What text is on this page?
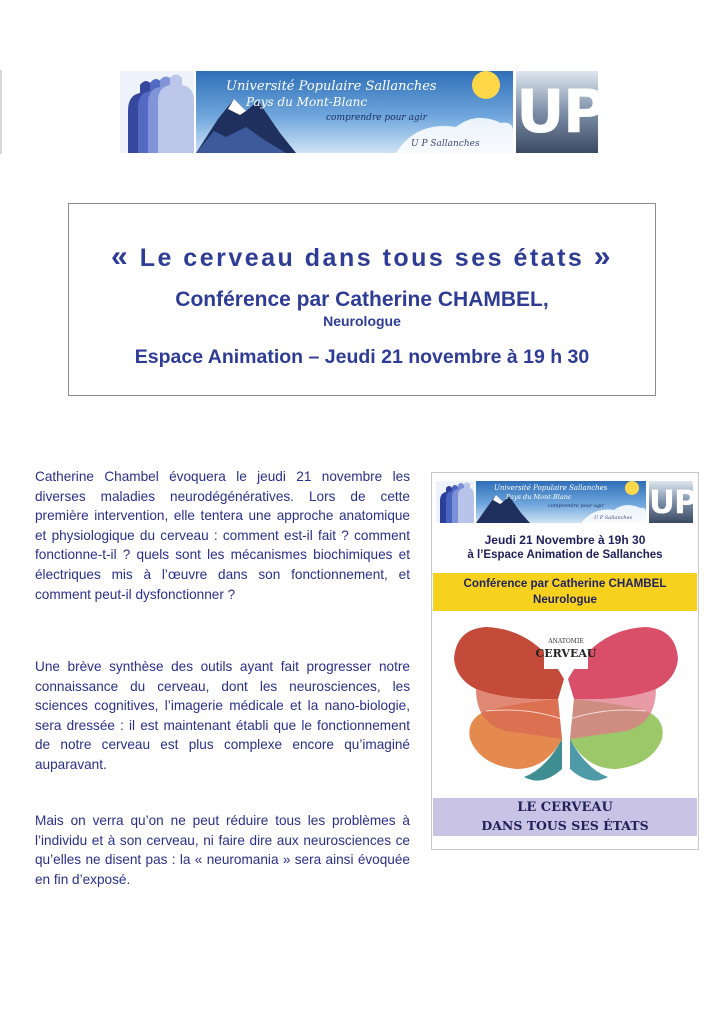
Université Populaire Sallanches
Pays du Mont-Blanc
comprendre pour agir
U P Sallanches UP
« Le cerveau dans tous ses états »
Conférence par Catherine CHAMBEL,
Neurologue
Espace Animation – Jeudi 21 novembre à 19 h 30

Catherine Chambel évoquera le jeudi 21 novembre les diverses maladies neurodégénératives. Lors de cette première intervention, elle tentera une approche anatomique et physiologique du cerveau : comment est-il fait ? comment fonctionne-t-il ? quels sont les mécanismes biochimiques et électriques mis à l’œuvre dans son fonctionnement, et comment peut-il dysfonctionner ?

Une brève synthèse des outils ayant fait progresser notre connaissance du cerveau, dont les neurosciences, les sciences cognitives, l’imagerie médicale et la nano-biologie, sera dressée : il est maintenant établi que le fonctionnement de notre cerveau est plus complexe encore qu’imaginé auparavant.

Mais on verra qu’on ne peut réduire tous les problèmes à l’individu et à son cerveau, ni faire dire aux neurosciences ce qu’elles ne disent pas : la « neuromania » sera ainsi évoquée en fin d’exposé.

Université Populaire Sallanches
Pays du Mont-Blanc
comprendre pour agir
U P Sallanches UP
Jeudi 21 Novembre à 19h 30
à l’Espace Animation de Sallanches
Conférence par Catherine CHAMBEL
Neurologue
ANATOMIE
CERVEAU
LE CERVEAU
DANS TOUS SES ÉTATS
